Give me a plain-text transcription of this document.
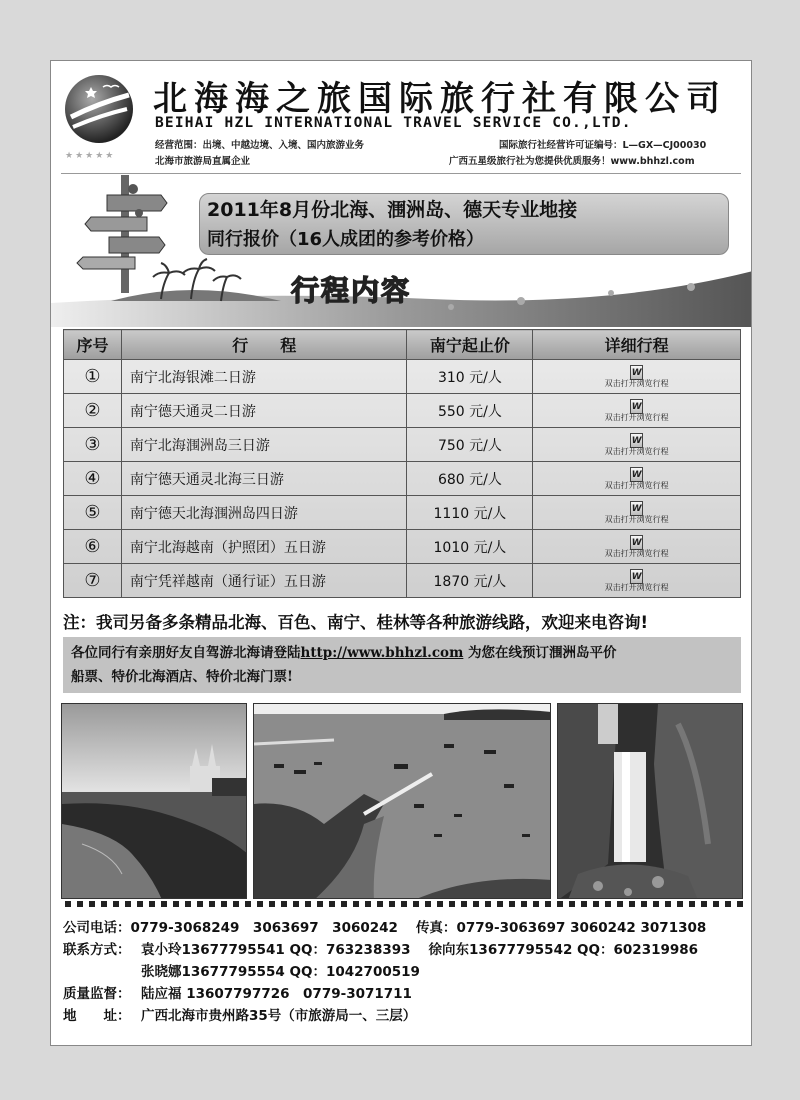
★★★★★
北海海之旅国际旅行社有限公司
BEIHAI HZL INTERNATIONAL TRAVEL SERVICE CO.,LTD.
经营范围：出境、中越边境、入境、国内旅游业务	国际旅行社经营许可证编号：L—GX—CJ00030
北海市旅游局直属企业	广西五星级旅行社为您提供优质服务！www.bhhzl.com
2011年8月份北海、涠洲岛、德天专业地接
同行报价（16人成团的参考价格）
行程内容
序号	行　　程	南宁起止价	详细行程
①	南宁北海银滩二日游	310 元/人	W
双击打开浏览行程

②	南宁德天通灵二日游	550 元/人	W
双击打开浏览行程

③	南宁北海涠洲岛三日游	750 元/人	W
双击打开浏览行程

④	南宁德天通灵北海三日游	680 元/人	W
双击打开浏览行程

⑤	南宁德天北海涠洲岛四日游	1110 元/人	W
双击打开浏览行程

⑥	南宁北海越南（护照团）五日游	1010 元/人	W
双击打开浏览行程

⑦	南宁凭祥越南（通行证）五日游	1870 元/人	W
双击打开浏览行程
注：我司另备多条精品北海、百色、南宁、桂林等各种旅游线路，欢迎来电咨询!
各位同行有亲朋好友自驾游北海请登陆http://www.bhhzl.com 为您在线预订涠洲岛平价
船票、特价北海酒店、特价北海门票!
公司电话：0779-3068249　3063697　3060242 传真：0779-3063697 3060242 3071308
联系方式： 袁小玲13677795541 QQ：763238393 徐向东13677795542 QQ：602319986
张晓娜13677795554 QQ：1042700519
质量监督： 陆应福 13607797726　0779-3071711
地　　址： 广西北海市贵州路35号（市旅游局一、三层）
